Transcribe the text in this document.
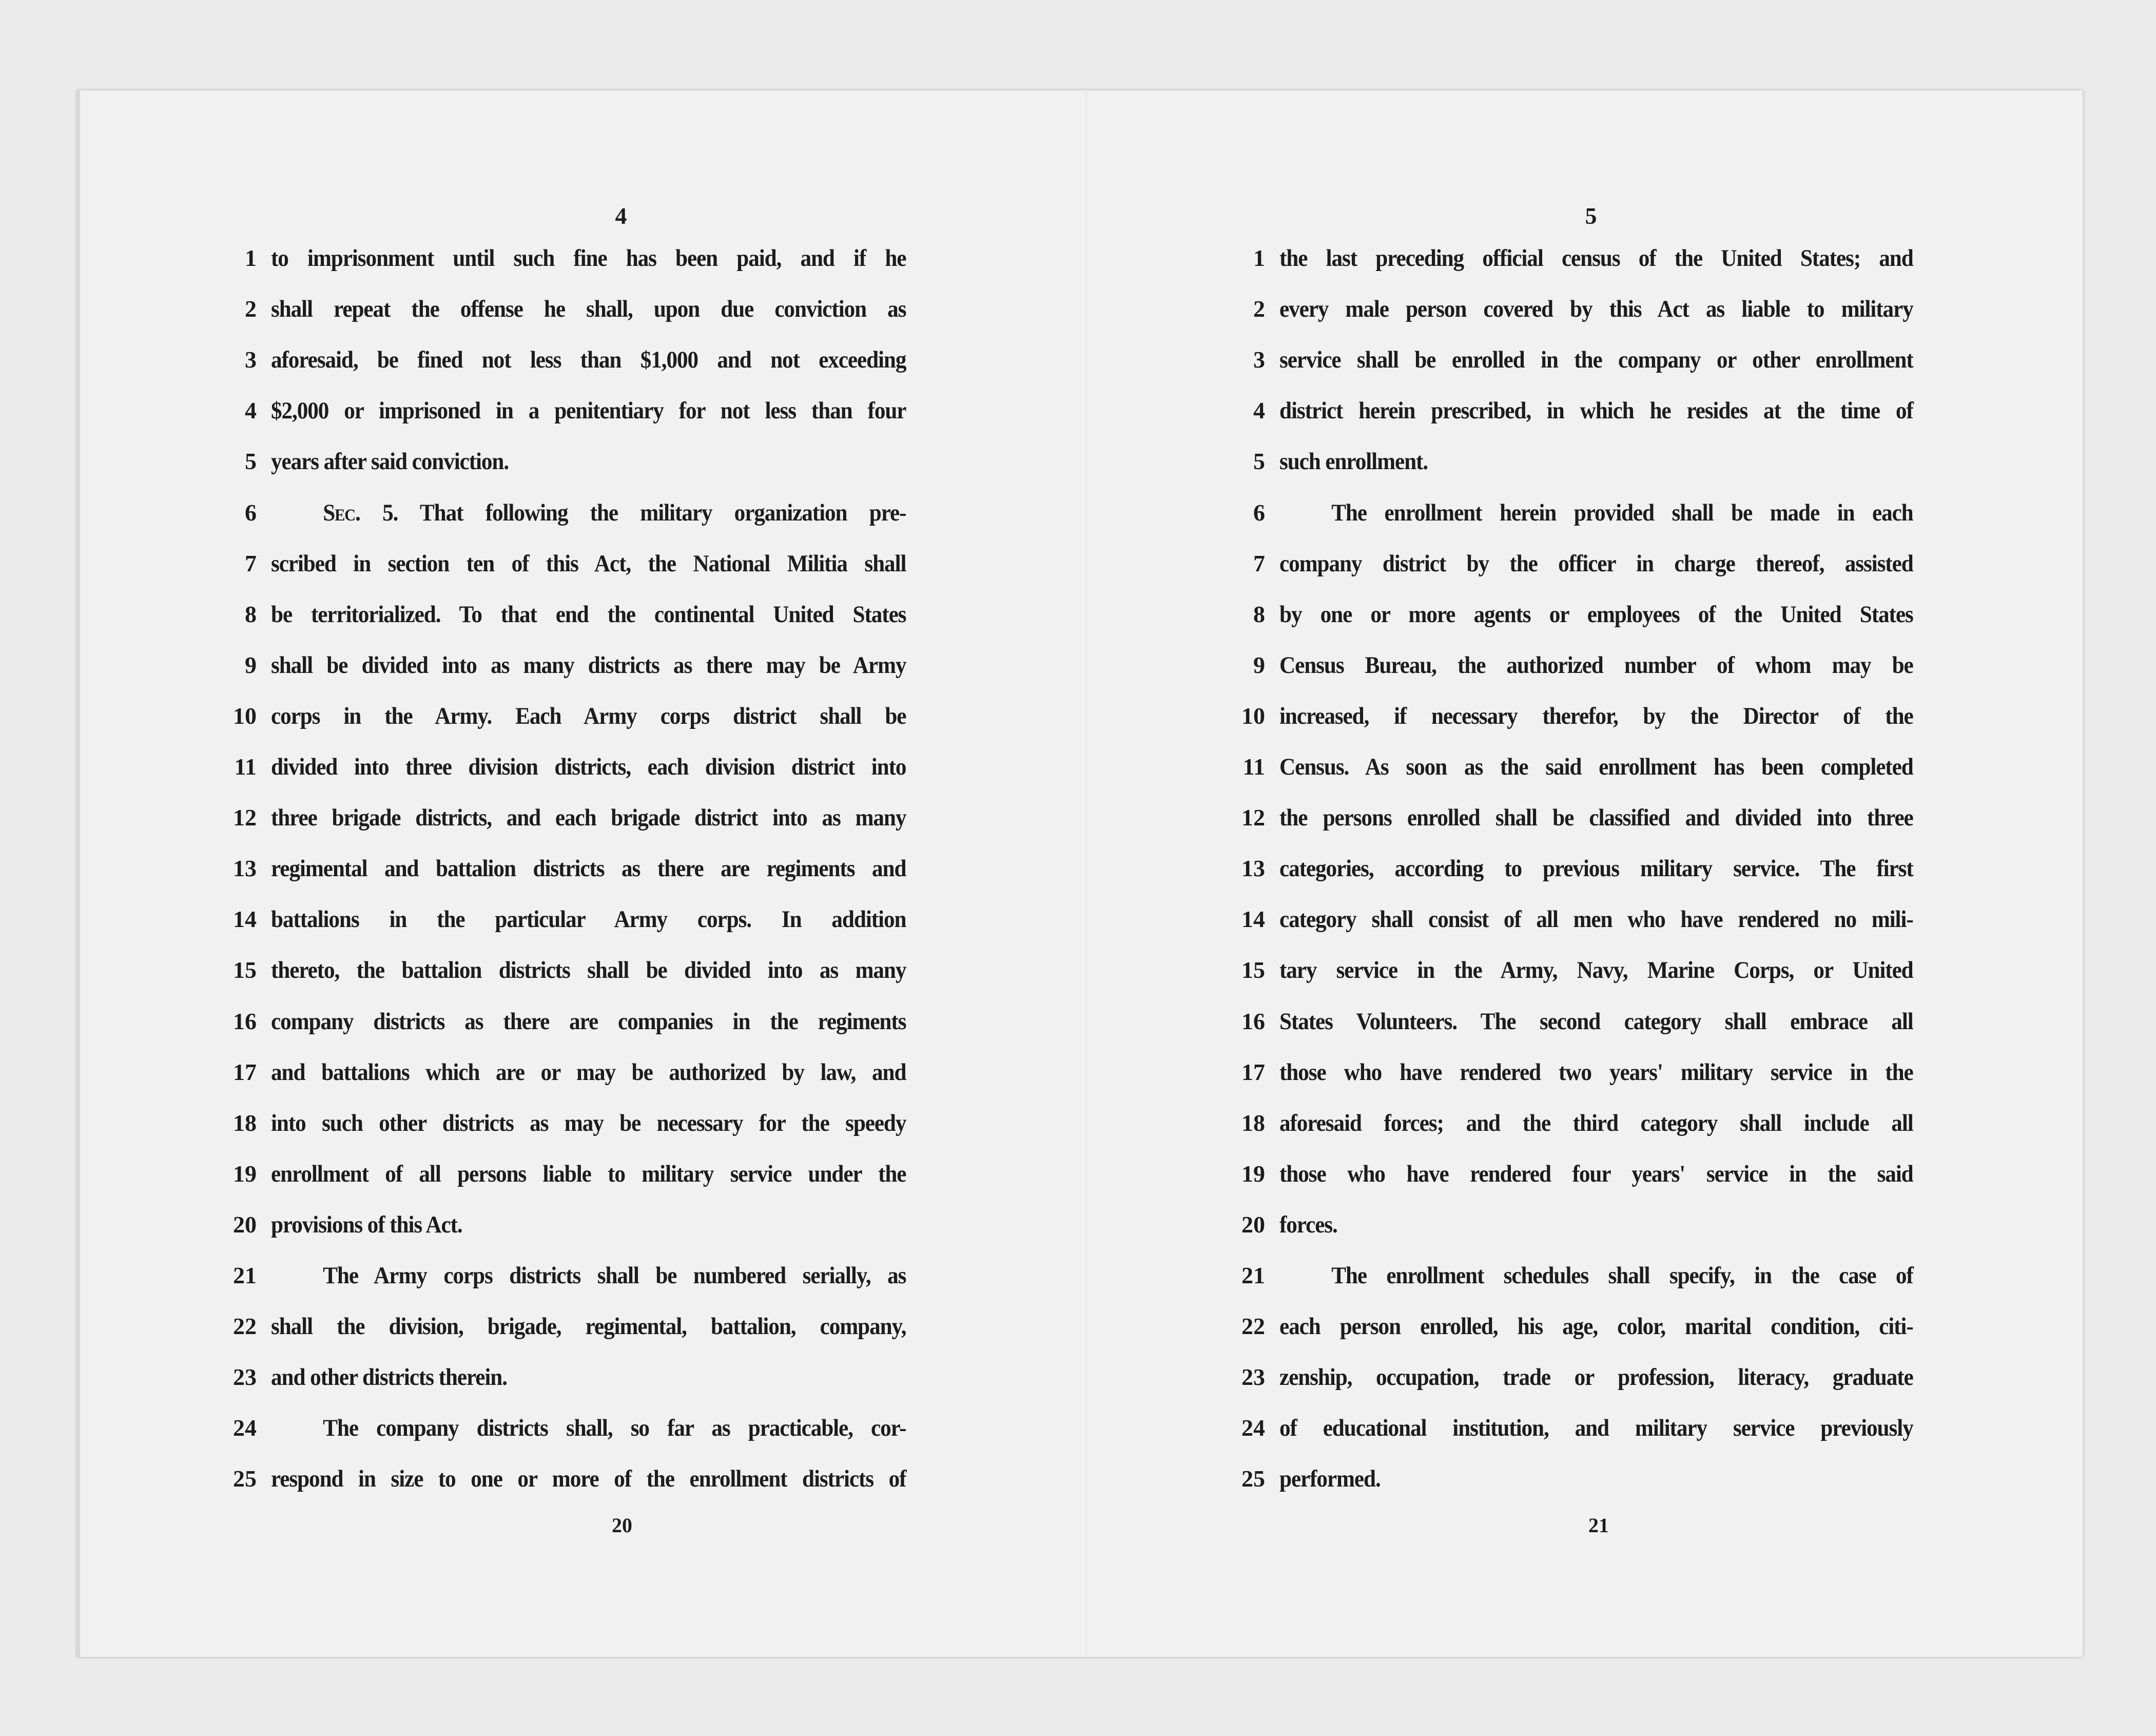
4
1 to imprisonment until such fine has been paid, and if he
2 shall repeat the offense he shall, upon due conviction as
3 aforesaid, be fined not less than $1,000 and not exceeding
4 $2,000 or imprisoned in a penitentiary for not less than four
5 years after said conviction.
6	Sec. 5. That following the military organization pre-
7 scribed in section ten of this Act, the National Militia shall
8 be territorialized. To that end the continental United States
9 shall be divided into as many districts as there may be Army
10 corps in the Army. Each Army corps district shall be
11 divided into three division districts, each division district into
12 three brigade districts, and each brigade district into as many
13 regimental and battalion districts as there are regiments and
14 battalions in the particular Army corps. In addition
15 thereto, the battalion districts shall be divided into as many
16 company districts as there are companies in the regiments
17 and battalions which are or may be authorized by law, and
18 into such other districts as may be necessary for the speedy
19 enrollment of all persons liable to military service under the
20 provisions of this Act.
21	The Army corps districts shall be numbered serially, as
22 shall the division, brigade, regimental, battalion, company,
23 and other districts therein.
24	The company districts shall, so far as practicable, cor-
25 respond in size to one or more of the enrollment districts of
20
5
1 the last preceding official census of the United States; and
2 every male person covered by this Act as liable to military
3 service shall be enrolled in the company or other enrollment
4 district herein prescribed, in which he resides at the time of
5 such enrollment.
6	The enrollment herein provided shall be made in each
7 company district by the officer in charge thereof, assisted
8 by one or more agents or employees of the United States
9 Census Bureau, the authorized number of whom may be
10 increased, if necessary therefor, by the Director of the
11 Census. As soon as the said enrollment has been completed
12 the persons enrolled shall be classified and divided into three
13 categories, according to previous military service. The first
14 category shall consist of all men who have rendered no mili-
15 tary service in the Army, Navy, Marine Corps, or United
16 States Volunteers. The second category shall embrace all
17 those who have rendered two years' military service in the
18 aforesaid forces; and the third category shall include all
19 those who have rendered four years' service in the said
20 forces.
21	The enrollment schedules shall specify, in the case of
22 each person enrolled, his age, color, marital condition, citi-
23 zenship, occupation, trade or profession, literacy, graduate
24 of educational institution, and military service previously
25 performed.
21
